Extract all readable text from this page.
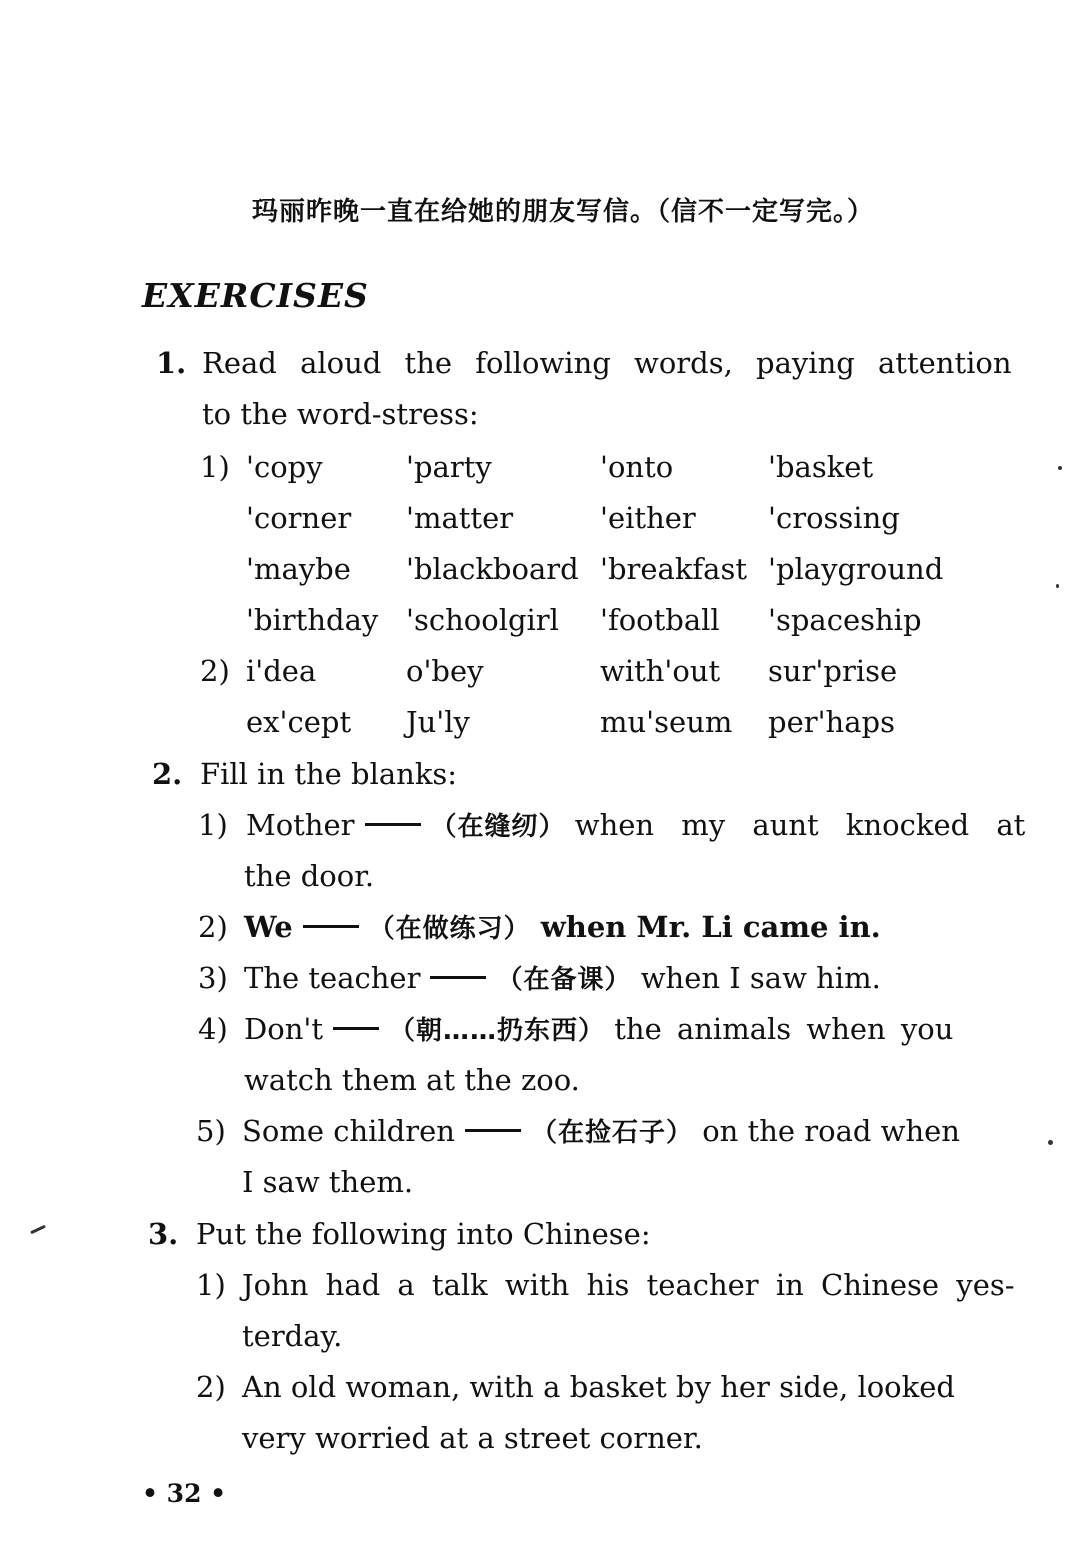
玛丽昨晚一直在给她的朋友写信。（信不一定写完。）
EXERCISES
1. Read aloud the following words, paying attention
to the word-stress:
1) 'copy	'party	'onto	'basket
'corner 'matter	'either 'crossing
'maybe 'blackboard 'breakfast 'playground
'birthday 'schoolgirl 'football 'spaceship
2) i'dea	o'bey	with'out sur'prise
ex'cept Ju'ly	mu'seum per'haps
2. Fill in the blanks:
1) Mother	（在缝纫） when my aunt knocked at
the door.
2) We	（在做练习） when Mr. Li came in.
3) The teacher	（在备课） when I saw him.
4) Don't	（朝……扔东西） the animals when you
watch them at the zoo.
5) Some children	（在捡石子） on the road when
I saw them.
3. Put the following into Chinese:
1) John had a talk with his teacher in Chinese yes-
terday.
2) An old woman, with a basket by her side, looked
very worried at a street corner.
• 32 •
